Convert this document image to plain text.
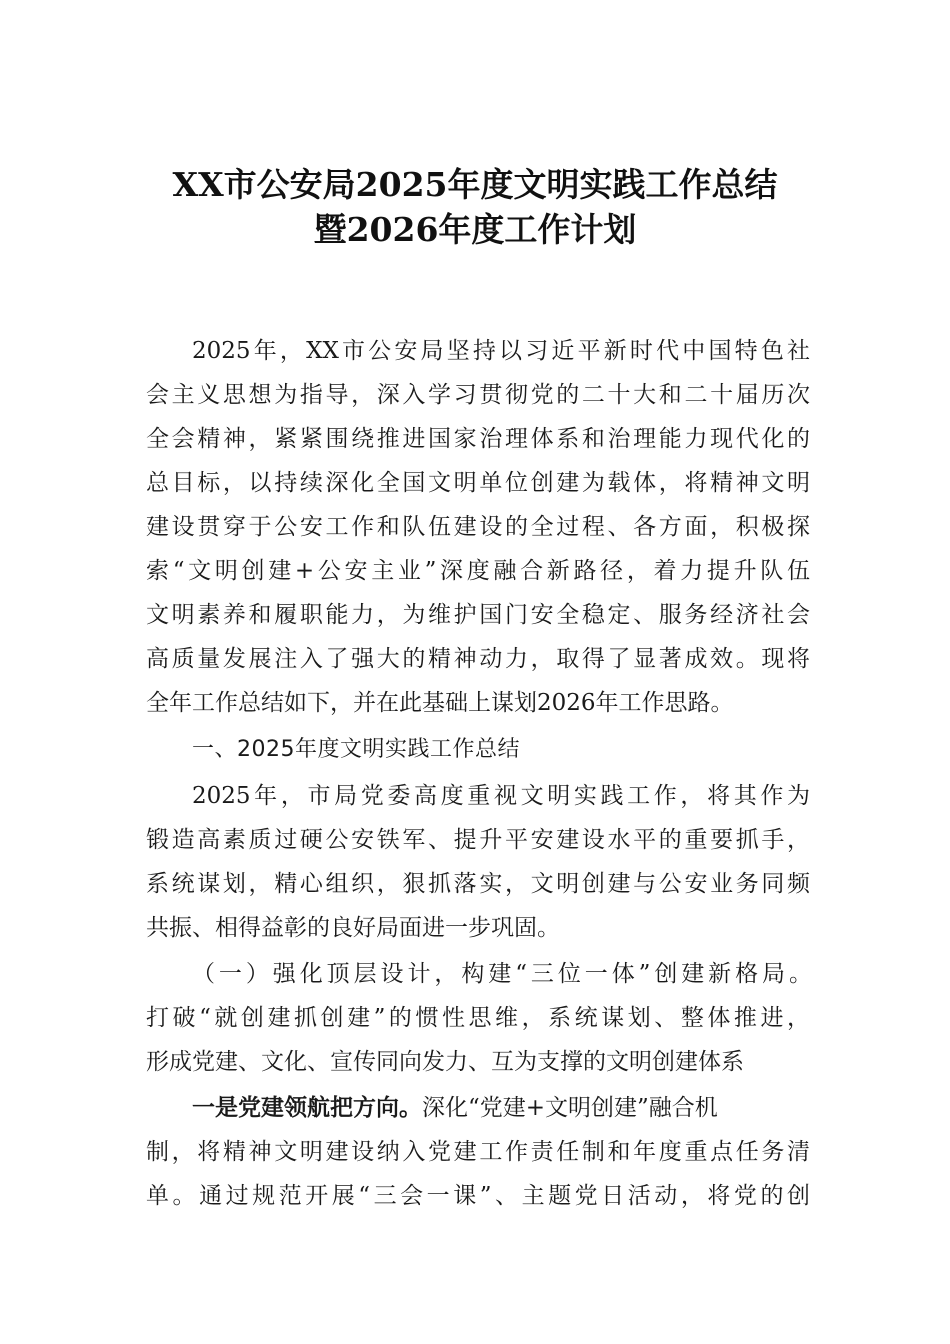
XX市公安局2025年度文明实践工作总结
暨2026年度工作计划
2025年，XX市公安局坚持以习近平新时代中国特色社
会主义思想为指导，深入学习贯彻党的二十大和二十届历次
全会精神，紧紧围绕推进国家治理体系和治理能力现代化的
总目标，以持续深化全国文明单位创建为载体，将精神文明
建设贯穿于公安工作和队伍建设的全过程、各方面，积极探
索“文明创建+公安主业”深度融合新路径，着力提升队伍
文明素养和履职能力，为维护国门安全稳定、服务经济社会
高质量发展注入了强大的精神动力，取得了显著成效。现将
全年工作总结如下，并在此基础上谋划2026年工作思路。
一、2025年度文明实践工作总结
2025年，市局党委高度重视文明实践工作，将其作为
锻造高素质过硬公安铁军、提升平安建设水平的重要抓手，
系统谋划，精心组织，狠抓落实，文明创建与公安业务同频
共振、相得益彰的良好局面进一步巩固。
（一）强化顶层设计，构建“三位一体”创建新格局。
打破“就创建抓创建”的惯性思维，系统谋划、整体推进，
形成党建、文化、宣传同向发力、互为支撑的文明创建体系
一是党建领航把方向。深化“党建+文明创建”融合机
制，将精神文明建设纳入党建工作责任制和年度重点任务清
单。通过规范开展“三会一课”、主题党日活动，将党的创
